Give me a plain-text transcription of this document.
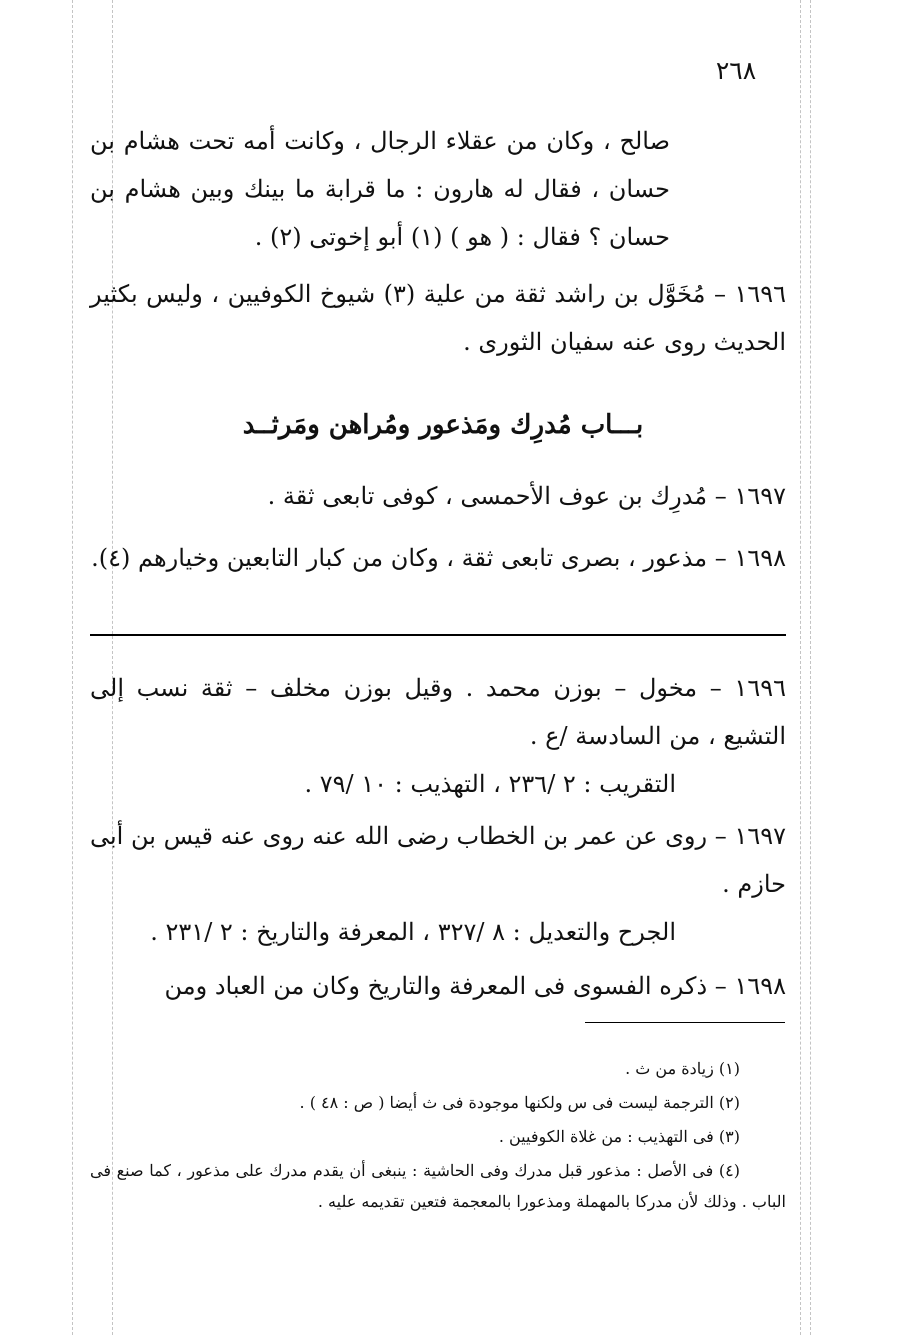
٢٦٨

صالح ، وكان من عقلاء الرجال ، وكانت أمه تحت هشام بن حسان ، فقال له هارون : ما قرابة ما بينك وبين هشام بن حسان ؟ فقال : ( هو ) (١) أبو إخوتى (٢) .

١٦٩٦ – مُخَوَّل بن راشد ثقة من علية (٣) شيوخ الكوفيين ، وليس بكثير الحديث روى عنه سفيان الثورى .

بـــاب مُدرِك ومَذعور ومُراهن ومَرثــد

١٦٩٧ – مُدرِك بن عوف الأحمسى ، كوفى تابعى ثقة .

١٦٩٨ – مذعور ، بصرى تابعى ثقة ، وكان من كبار التابعين وخيارهم (٤).

١٦٩٦ – مخول – بوزن محمد . وقيل بوزن مخلف – ثقة نسب إلى التشيع ، من السادسة /ع .

التقريب : ٢ /٢٣٦ ، التهذيب : ١٠ /٧٩ .

١٦٩٧ – روى عن عمر بن الخطاب رضى الله عنه روى عنه قيس بن أبى حازم .

الجرح والتعديل : ٨ /٣٢٧ ، المعرفة والتاريخ : ٢ /٢٣١ .

١٦٩٨ – ذكره الفسوى فى المعرفة والتاريخ وكان من العباد ومن

(١) زيادة من ث .

(٢) الترجمة ليست فى س ولكنها موجودة فى ث أيضا ( ص : ٤٨ ) .

(٣) فى التهذيب : من غلاة الكوفيين .

(٤) فى الأصل : مذعور قبل مدرك وفى الحاشية : ينبغى أن يقدم مدرك على مذعور ، كما صنع فى الباب . وذلك لأن مدركا بالمهملة ومذعورا بالمعجمة فتعين تقديمه عليه .
